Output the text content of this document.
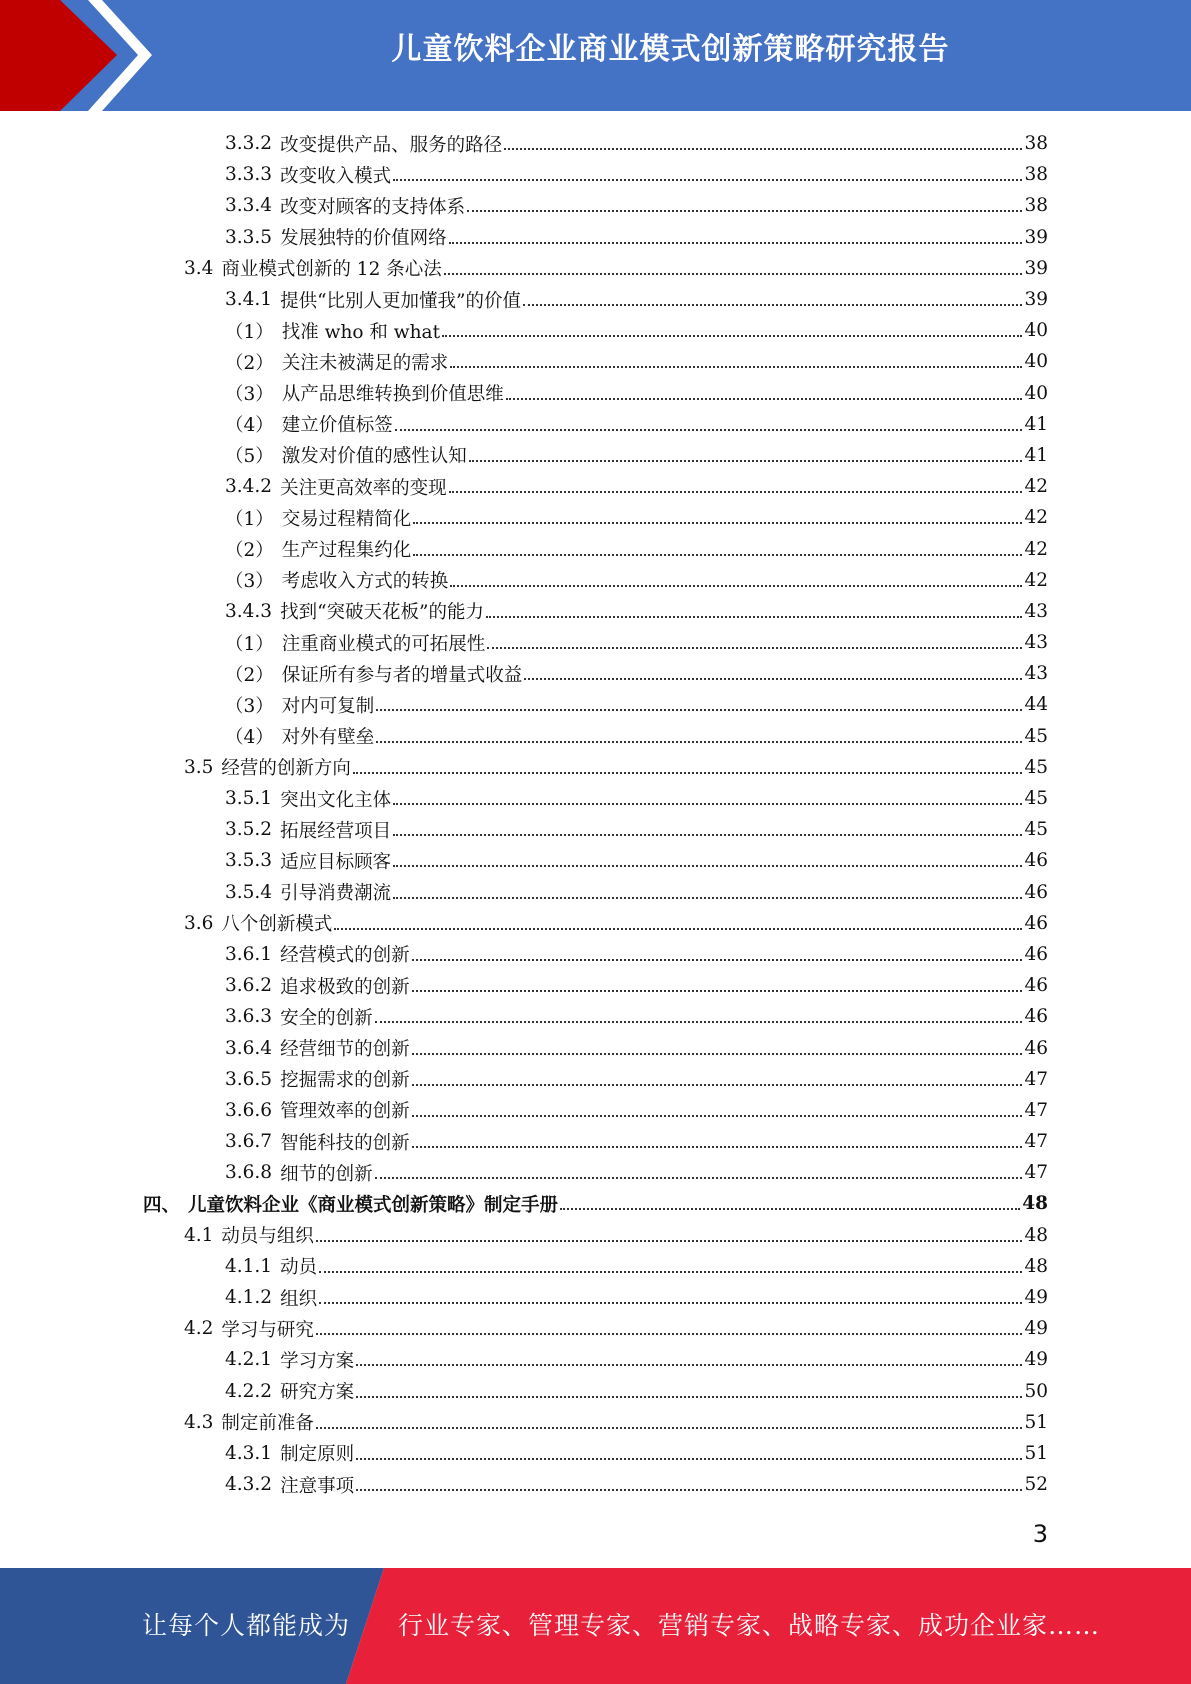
儿童饮料企业商业模式创新策略研究报告
3.3.2 改变提供产品、服务的路径	38
3.3.3 改变收入模式	38
3.3.4 改变对顾客的支持体系	38
3.3.5 发展独特的价值网络	39
3.4 商业模式创新的 12 条心法	39
3.4.1 提供“比别人更加懂我”的价值	39
（1） 找准 who 和 what	40
（2） 关注未被满足的需求	40
（3） 从产品思维转换到价值思维	40
（4） 建立价值标签	41
（5） 激发对价值的感性认知	41
3.4.2 关注更高效率的变现	42
（1） 交易过程精简化	42
（2） 生产过程集约化	42
（3） 考虑收入方式的转换	42
3.4.3 找到“突破天花板”的能力	43
（1） 注重商业模式的可拓展性	43
（2） 保证所有参与者的增量式收益	43
（3） 对内可复制	44
（4） 对外有壁垒	45
3.5 经营的创新方向	45
3.5.1 突出文化主体	45
3.5.2 拓展经营项目	45
3.5.3 适应目标顾客	46
3.5.4 引导消费潮流	46
3.6 八个创新模式	46
3.6.1 经营模式的创新	46
3.6.2 追求极致的创新	46
3.6.3 安全的创新	46
3.6.4 经营细节的创新	46
3.6.5 挖掘需求的创新	47
3.6.6 管理效率的创新	47
3.6.7 智能科技的创新	47
3.6.8 细节的创新	47
四、 儿童饮料企业《商业模式创新策略》制定手册	48
4.1 动员与组织	48
4.1.1 动员	48
4.1.2 组织	49
4.2 学习与研究	49
4.2.1 学习方案	49
4.2.2 研究方案	50
4.3 制定前准备	51
4.3.1 制定原则	51
4.3.2 注意事项	52
3
让每个人都能成为 行业专家、管理专家、营销专家、战略专家、成功企业家……
